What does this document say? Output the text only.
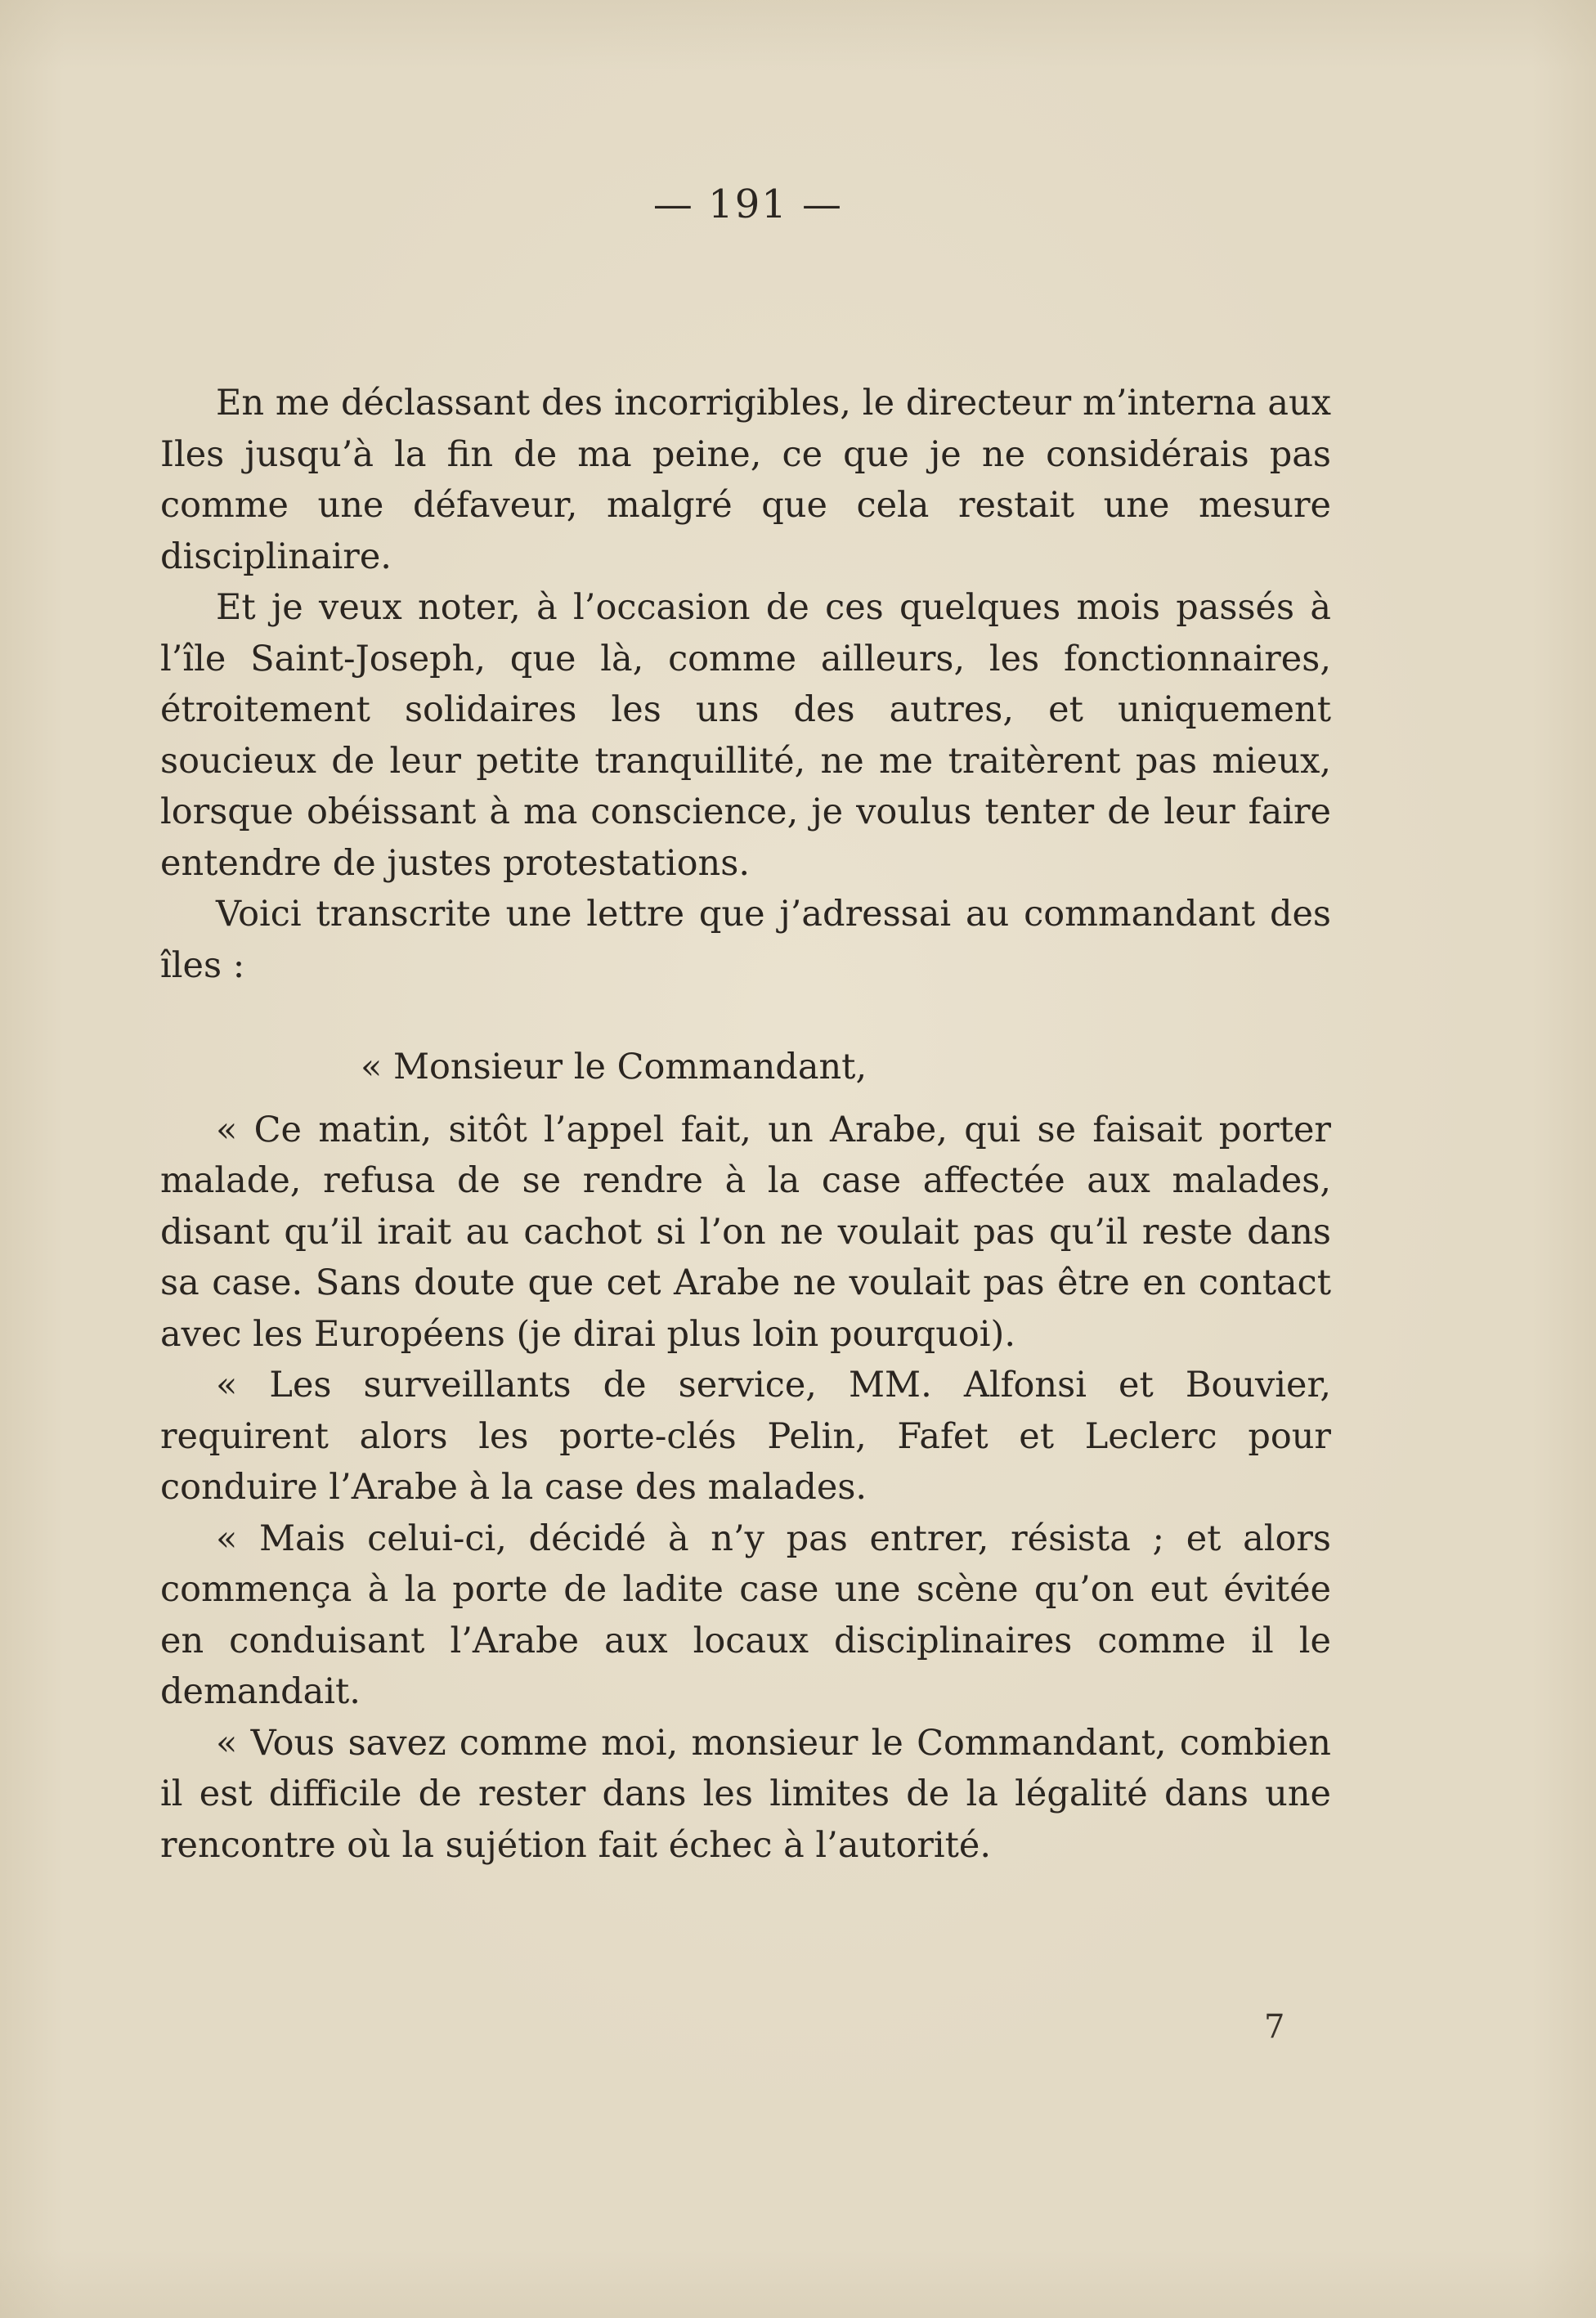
— 191 —

En me déclassant des incorrigibles, le directeur m’interna aux Iles jusqu’à la fin de ma peine, ce que je ne considérais pas comme une défaveur, malgré que cela restait une mesure disciplinaire.

Et je veux noter, à l’occasion de ces quelques mois passés à l’île Saint-Joseph, que là, comme ailleurs, les fonctionnaires, étroitement solidaires les uns des autres, et uniquement soucieux de leur petite tranquillité, ne me traitèrent pas mieux, lorsque obéissant à ma conscience, je voulus tenter de leur faire entendre de justes protestations.

Voici transcrite une lettre que j’adressai au commandant des îles :

« Monsieur le Commandant,

« Ce matin, sitôt l’appel fait, un Arabe, qui se faisait porter malade, refusa de se rendre à la case affectée aux malades, disant qu’il irait au cachot si l’on ne voulait pas qu’il reste dans sa case. Sans doute que cet Arabe ne voulait pas être en contact avec les Européens (je dirai plus loin pourquoi).

« Les surveillants de service, MM. Alfonsi et Bouvier, requirent alors les porte-clés Pelin, Fafet et Leclerc pour conduire l’Arabe à la case des malades.

« Mais celui-ci, décidé à n’y pas entrer, résista ; et alors commença à la porte de ladite case une scène qu’on eut évitée en conduisant l’Arabe aux locaux disciplinaires comme il le demandait.

« Vous savez comme moi, monsieur le Commandant, combien il est difficile de rester dans les limites de la légalité dans une rencontre où la sujétion fait échec à l’autorité.

7
